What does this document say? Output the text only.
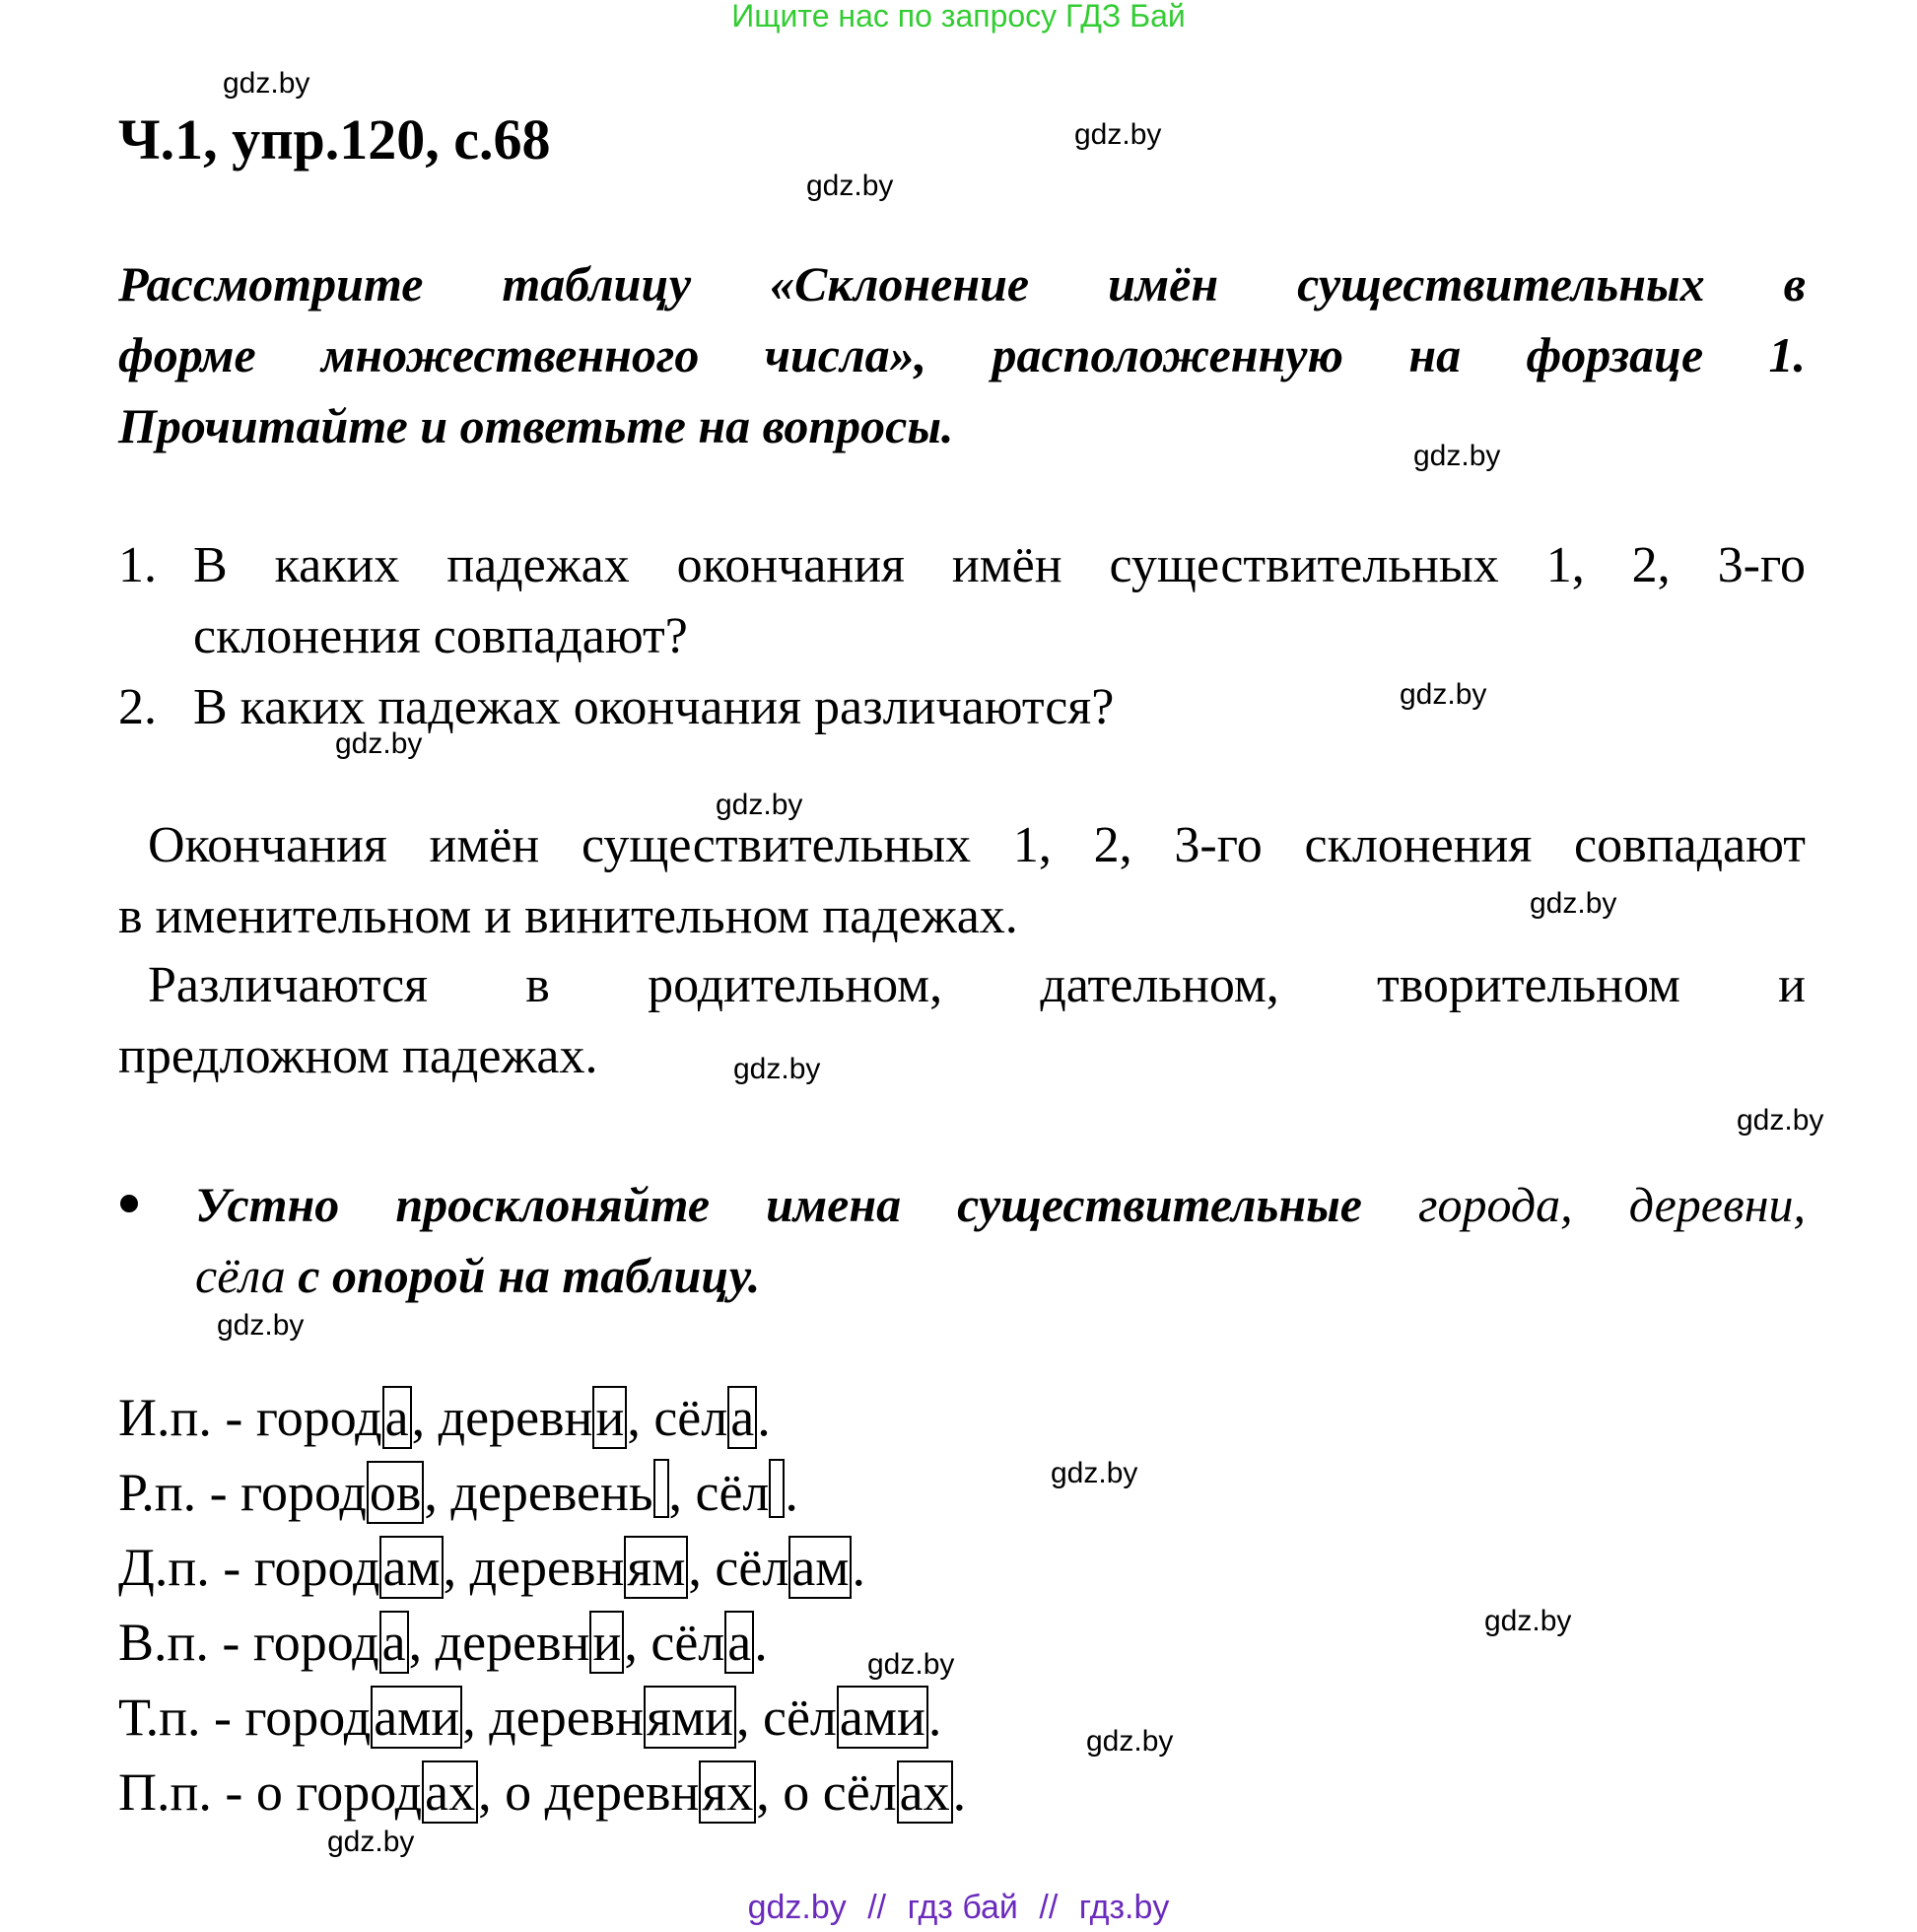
Ищите нас по запросу ГДЗ Бай
Ч.1, упр.120, с.68
Рассмотрите таблицу «Склонение имён существительных в
форме множественного числа», расположенную на форзаце 1.
Прочитайте и ответьте на вопросы.
1. В каких падежах окончания имён существительных 1, 2, 3-го
склонения совпадают?
2. В каких падежах окончания различаются?
Окончания имён существительных 1, 2, 3-го склонения совпадают
в именительном и винительном падежах.
Различаются в родительном, дательном, творительном и
предложном падежах.
Устно просклоняйте имена существительные города, деревни,
сёла с опорой на таблицу.
И.п. - города, деревни, сёла.
Р.п. - городов, деревень , сёл .
Д.п. - городам, деревням, сёлам.
В.п. - города, деревни, сёла.
Т.п. - городами, деревнями, сёлами.
П.п. - о городах, о деревнях, о сёлах.
gdz.by
gdz.by
gdz.by
gdz.by
gdz.by
gdz.by
gdz.by
gdz.by
gdz.by
gdz.by
gdz.by
gdz.by
gdz.by
gdz.by
gdz.by
gdz.by
gdz.by // гдз бай // гдз.by
